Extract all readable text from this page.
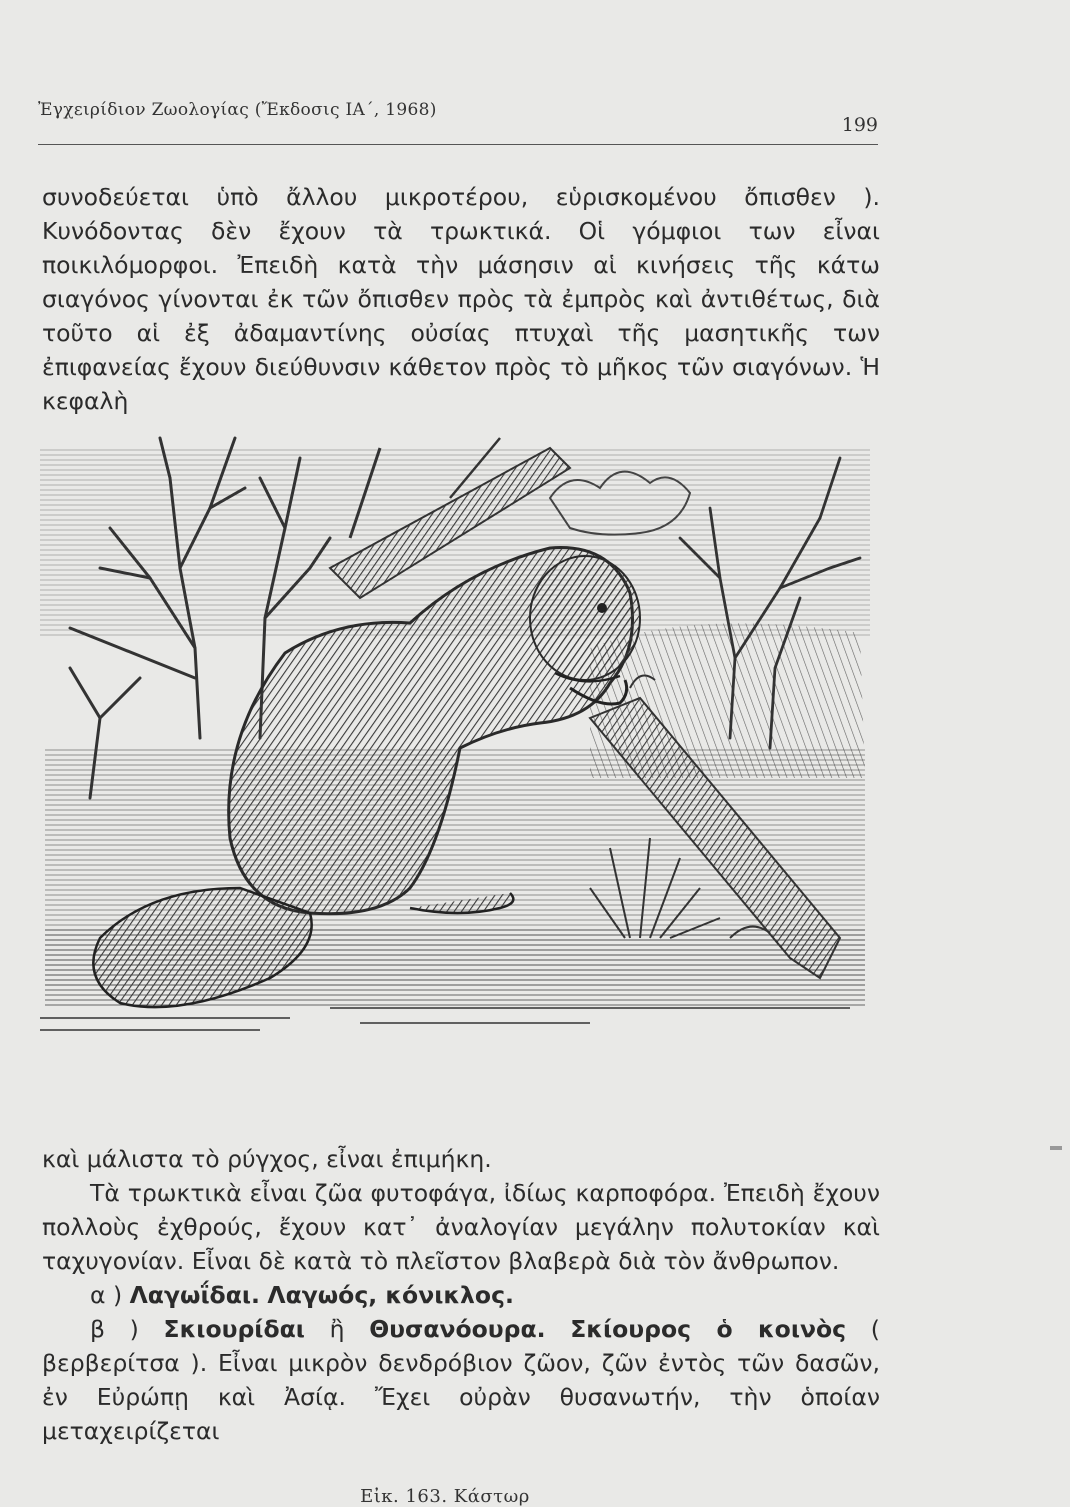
Ἐγχειρίδιον Ζωολογίας (Ἔκδοσις ΙΑ΄, 1968)
199

συνοδεύεται ὑπὸ ἄλλου μικροτέρου, εὑρισκομένου ὄπισθεν ). Κυνόδοντας δὲν ἔχουν τὰ τρωκτικά. Οἱ γόμφιοι των εἶναι ποικιλόμορφοι. Ἐπειδὴ κατὰ τὴν μάσησιν αἱ κινήσεις τῆς κάτω σιαγόνος γίνονται ἐκ τῶν ὄπισθεν πρὸς τὰ ἐμπρὸς καὶ ἀντιθέτως, διὰ τοῦτο αἱ ἐξ ἀδαμαντίνης οὐσίας πτυχαὶ τῆς μασητικῆς των ἐπιφανείας ἔχουν διεύθυνσιν κάθετον πρὸς τὸ μῆκος τῶν σιαγόνων. Ἡ κεφαλὴ

Εἰκ. 163. Κάστωρ

καὶ μάλιστα τὸ ρύγχος, εἶναι ἐπιμήκη.

Τὰ τρωκτικὰ εἶναι ζῶα φυτοφάγα, ἰδίως καρποφόρα. Ἐπειδὴ ἔχουν πολλοὺς ἐχθρούς, ἔχουν κατ᾽ ἀναλογίαν μεγάλην πολυτοκίαν καὶ ταχυγονίαν. Εἶναι δὲ κατὰ τὸ πλεῖστον βλαβερὰ διὰ τὸν ἄνθρωπον.

α ) Λαγωΐδαι. Λαγωός, κόνικλος.

β ) Σκιουρίδαι ἢ Θυσανόουρα. Σκίουρος ὁ κοινὸς ( βερβερίτσα ). Εἶναι μικρὸν δενδρόβιον ζῶον, ζῶν ἐντὸς τῶν δασῶν, ἐν Εὐρώπῃ καὶ Ἀσίᾳ. Ἔχει οὐρὰν θυσανωτήν, τὴν ὁποίαν μεταχειρίζεται
